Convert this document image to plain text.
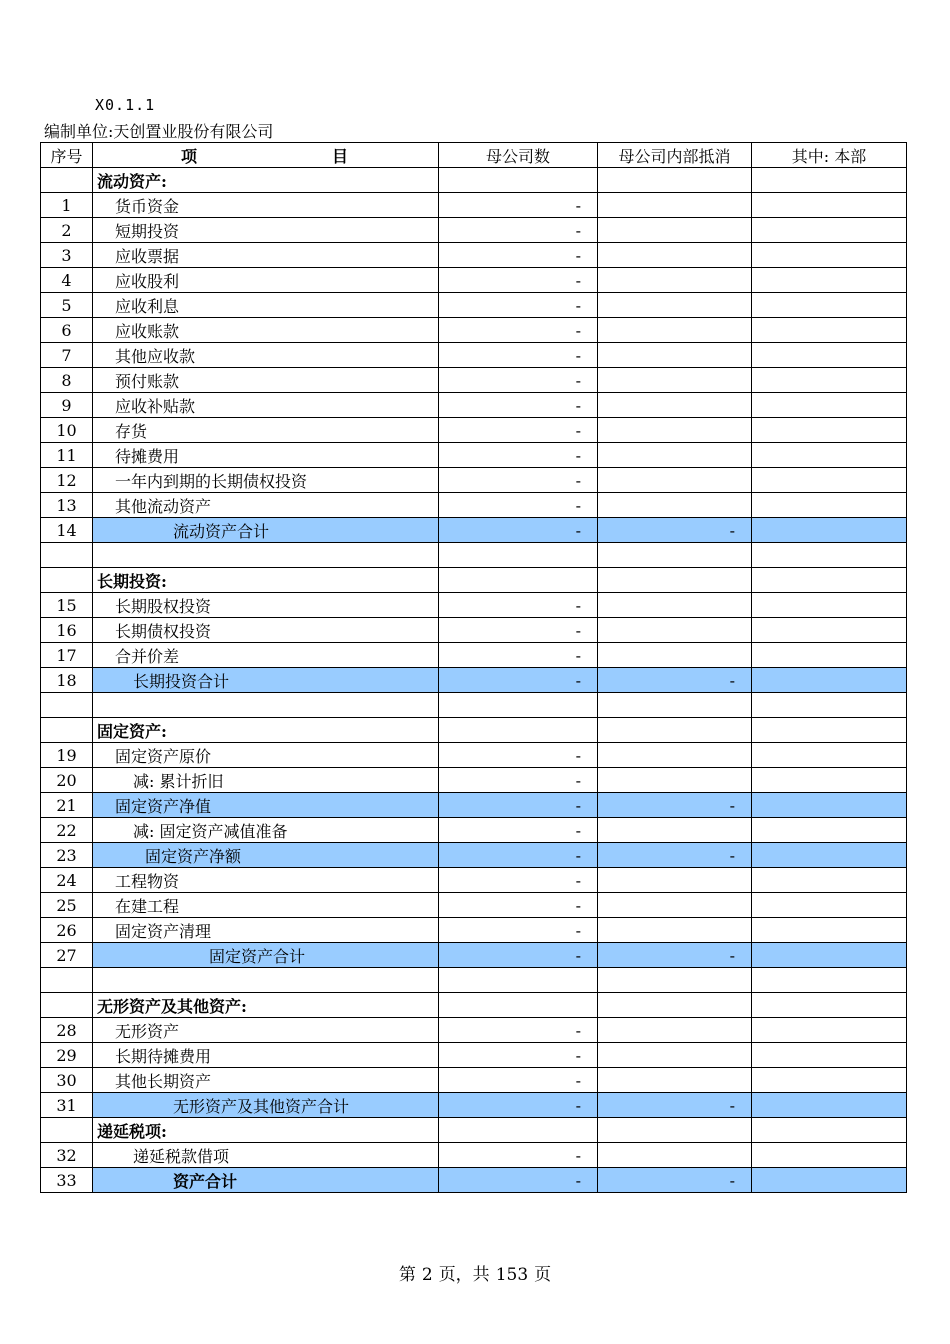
X0.1.1
编制单位:天创置业股份有限公司
序号	项 目	母公司数	母公司内部抵消	其中: 本部
	流动资产:			
1	货币资金	-		
2	短期投资	-		
3	应收票据	-		
4	应收股利	-		
5	应收利息	-		
6	应收账款	-		
7	其他应收款	-		
8	预付账款	-		
9	应收补贴款	-		
10	存货	-		
11	待摊费用	-		
12	一年内到期的长期债权投资	-		
13	其他流动资产	-		
14	流动资产合计	-	-	

	长期投资:			
15	长期股权投资	-		
16	长期债权投资	-		
17	合并价差	-		
18	长期投资合计	-	-	

	固定资产:			
19	固定资产原价	-		
20	减: 累计折旧	-		
21	固定资产净值	-	-	
22	减: 固定资产减值准备	-		
23	固定资产净额	-	-	
24	工程物资	-		
25	在建工程	-		
26	固定资产清理	-		
27	固定资产合计	-	-	

	无形资产及其他资产:			
28	无形资产	-		
29	长期待摊费用	-		
30	其他长期资产	-		
31	无形资产及其他资产合计	-	-	
	递延税项:			
32	递延税款借项	-		
33	资产合计	-	-	
第 2 页，共 153 页
